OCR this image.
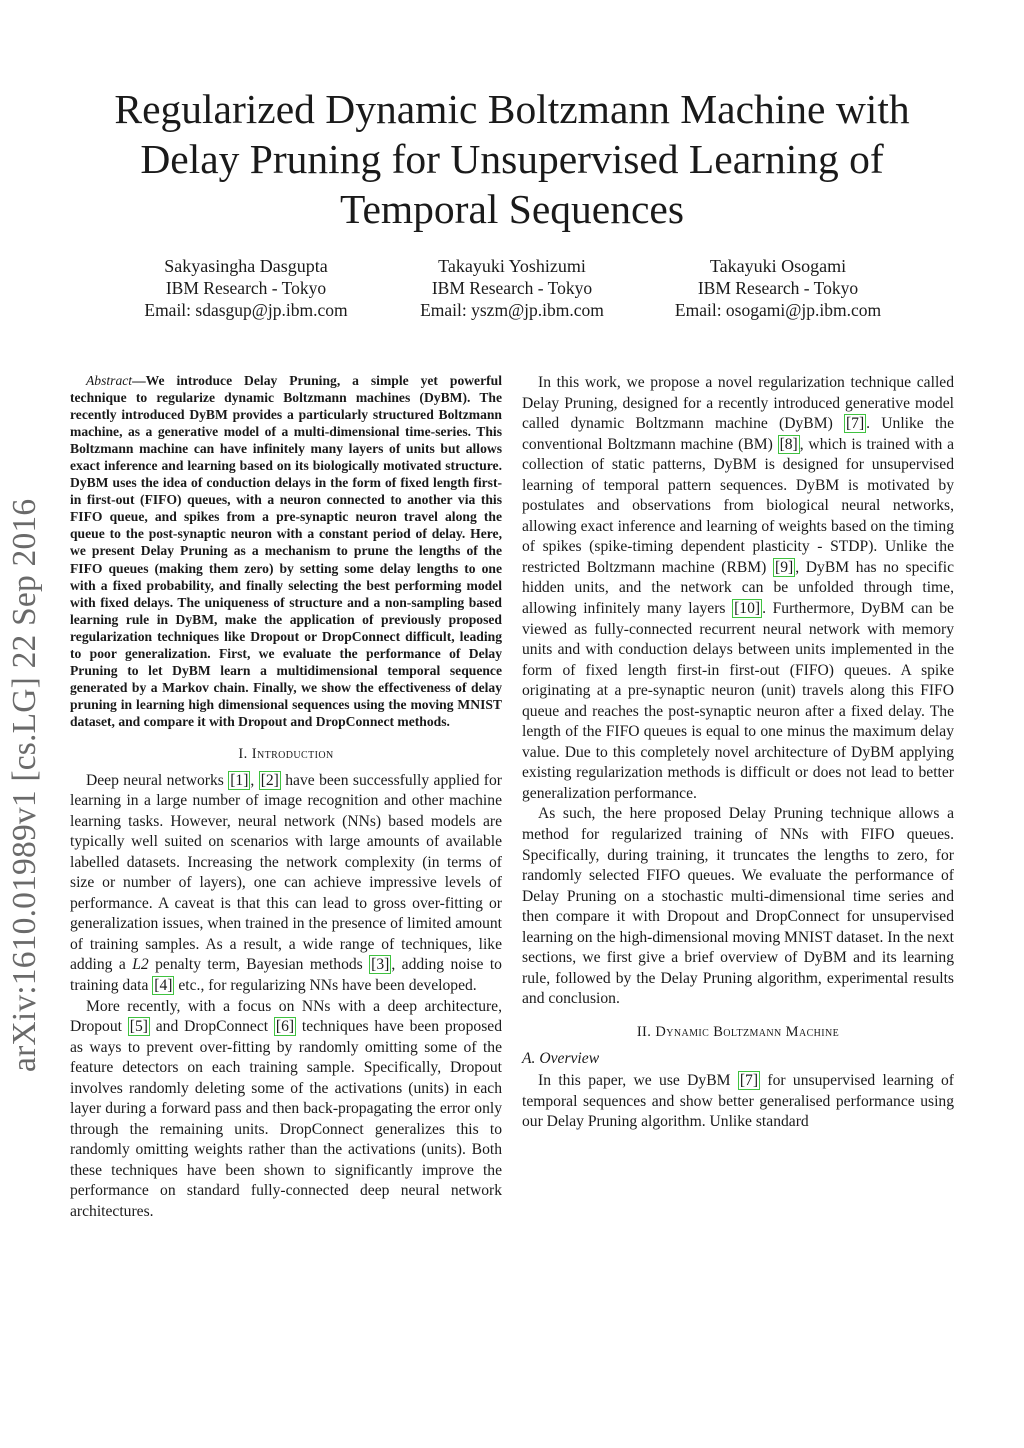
Regularized Dynamic Boltzmann Machine with Delay Pruning for Unsupervised Learning of Temporal Sequences
Sakyasingha Dasgupta
IBM Research - Tokyo
Email: sdasgup@jp.ibm.com
Takayuki Yoshizumi
IBM Research - Tokyo
Email: yszm@jp.ibm.com
Takayuki Osogami
IBM Research - Tokyo
Email: osogami@jp.ibm.com
arXiv:1610.01989v1 [cs.LG] 22 Sep 2016

Abstract—We introduce Delay Pruning, a simple yet powerful technique to regularize dynamic Boltzmann machines (DyBM). The recently introduced DyBM provides a particularly structured Boltzmann machine, as a generative model of a multi-dimensional time-series. This Boltzmann machine can have infinitely many layers of units but allows exact inference and learning based on its biologically motivated structure. DyBM uses the idea of conduction delays in the form of fixed length first-in first-out (FIFO) queues, with a neuron connected to another via this FIFO queue, and spikes from a pre-synaptic neuron travel along the queue to the post-synaptic neuron with a constant period of delay. Here, we present Delay Pruning as a mechanism to prune the lengths of the FIFO queues (making them zero) by setting some delay lengths to one with a fixed probability, and finally selecting the best performing model with fixed delays. The uniqueness of structure and a non-sampling based learning rule in DyBM, make the application of previously proposed regularization techniques like Dropout or DropConnect difficult, leading to poor generalization. First, we evaluate the performance of Delay Pruning to let DyBM learn a multidimensional temporal sequence generated by a Markov chain. Finally, we show the effectiveness of delay pruning in learning high dimensional sequences using the moving MNIST dataset, and compare it with Dropout and DropConnect methods.

I. Introduction

Deep neural networks [1] , [2] have been successfully applied for learning in a large number of image recognition and other machine learning tasks. However, neural network (NNs) based models are typically well suited on scenarios with large amounts of available labelled datasets. Increasing the network complexity (in terms of size or number of layers), one can achieve impressive levels of performance. A caveat is that this can lead to gross over-fitting or generalization issues, when trained in the presence of limited amount of training samples. As a result, a wide range of techniques, like adding a L2 penalty term, Bayesian methods [3] , adding noise to training data [4] etc., for regularizing NNs have been developed.

More recently, with a focus on NNs with a deep architecture, Dropout [5] and DropConnect [6] techniques have been proposed as ways to prevent over-fitting by randomly omitting some of the feature detectors on each training sample. Specifically, Dropout involves randomly deleting some of the activations (units) in each layer during a forward pass and then back-propagating the error only through the remaining units. DropConnect generalizes this to randomly omitting weights rather than the activations (units). Both these techniques have been shown to significantly improve the performance on standard fully-connected deep neural network architectures.

In this work, we propose a novel regularization technique called Delay Pruning, designed for a recently introduced generative model called dynamic Boltzmann machine (DyBM) [7] . Unlike the conventional Boltzmann machine (BM) [8] , which is trained with a collection of static patterns, DyBM is designed for unsupervised learning of temporal pattern sequences. DyBM is motivated by postulates and observations from biological neural networks, allowing exact inference and learning of weights based on the timing of spikes (spike-timing dependent plasticity - STDP). Unlike the restricted Boltzmann machine (RBM) [9] , DyBM has no specific hidden units, and the network can be unfolded through time, allowing infinitely many layers [10] . Furthermore, DyBM can be viewed as fully-connected recurrent neural network with memory units and with conduction delays between units implemented in the form of fixed length first-in first-out (FIFO) queues. A spike originating at a pre-synaptic neuron (unit) travels along this FIFO queue and reaches the post-synaptic neuron after a fixed delay. The length of the FIFO queues is equal to one minus the maximum delay value. Due to this completely novel architecture of DyBM applying existing regularization methods is difficult or does not lead to better generalization performance.

As such, the here proposed Delay Pruning technique allows a method for regularized training of NNs with FIFO queues. Specifically, during training, it truncates the lengths to zero, for randomly selected FIFO queues. We evaluate the performance of Delay Pruning on a stochastic multi-dimensional time series and then compare it with Dropout and DropConnect for unsupervised learning on the high-dimensional moving MNIST dataset. In the next sections, we first give a brief overview of DyBM and its learning rule, followed by the Delay Pruning algorithm, experimental results and conclusion.

II. Dynamic Boltzmann Machine

A. Overview

In this paper, we use DyBM [7] for unsupervised learning of temporal sequences and show better generalised performance using our Delay Pruning algorithm. Unlike standard
